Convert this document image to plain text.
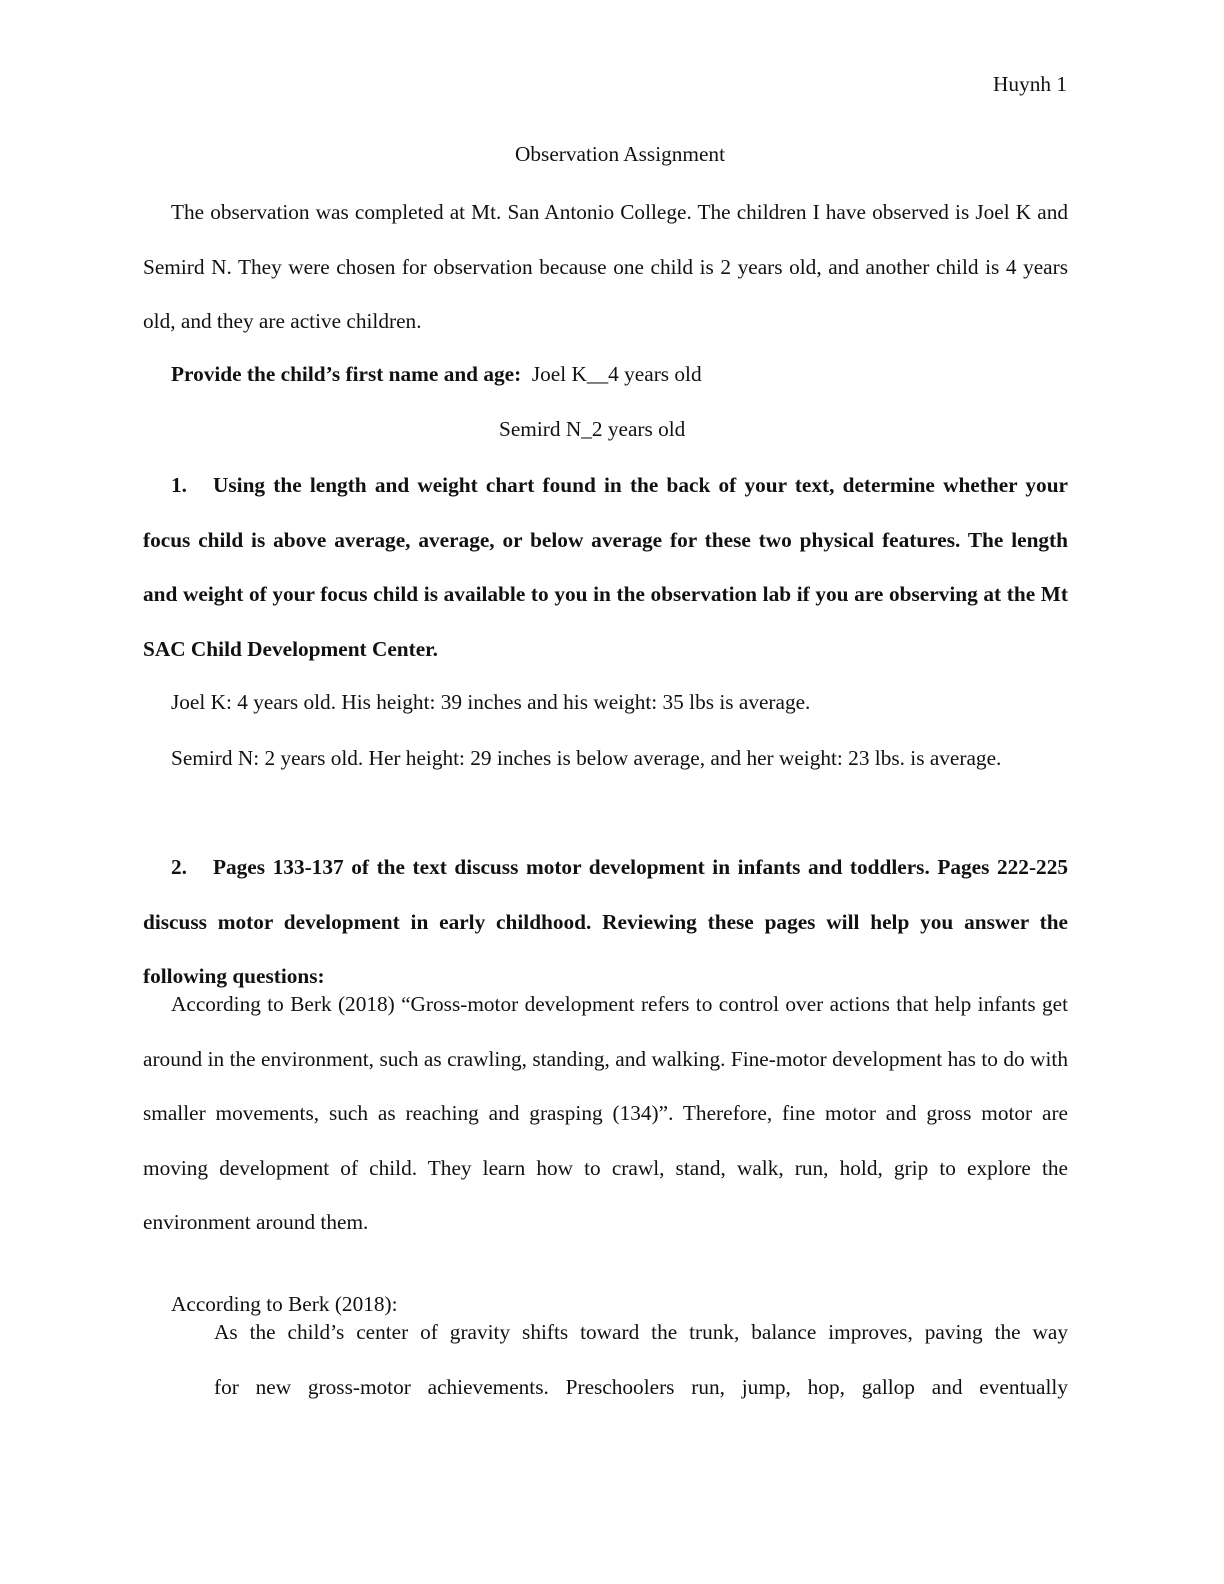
Huynh 1
Observation Assignment

The observation was completed at Mt. San Antonio College. The children I have observed is Joel K and Semird N. They were chosen for observation because one child is 2 years old, and another child is 4 years old, and they are active children.

Provide the child’s first name and age: Joel K__4 years old
Semird N_2 years old

1. Using the length and weight chart found in the back of your text, determine whether your focus child is above average, average, or below average for these two physical features. The length and weight of your focus child is available to you in the observation lab if you are observing at the Mt SAC Child Development Center.

Joel K: 4 years old. His height: 39 inches and his weight: 35 lbs is average.

Semird N: 2 years old. Her height: 29 inches is below average, and her weight: 23 lbs. is average.

2. Pages 133-137 of the text discuss motor development in infants and toddlers. Pages 222-225 discuss motor development in early childhood. Reviewing these pages will help you answer the following questions:

According to Berk (2018) “Gross-motor development refers to control over actions that help infants get around in the environment, such as crawling, standing, and walking. Fine-motor development has to do with smaller movements, such as reaching and grasping (134)”. Therefore, fine motor and gross motor are moving development of child. They learn how to crawl, stand, walk, run, hold, grip to explore the environment around them.

According to Berk (2018):

As the child’s center of gravity shifts toward the trunk, balance improves, paving the way

for new gross-motor achievements. Preschoolers run, jump, hop, gallop and eventually
